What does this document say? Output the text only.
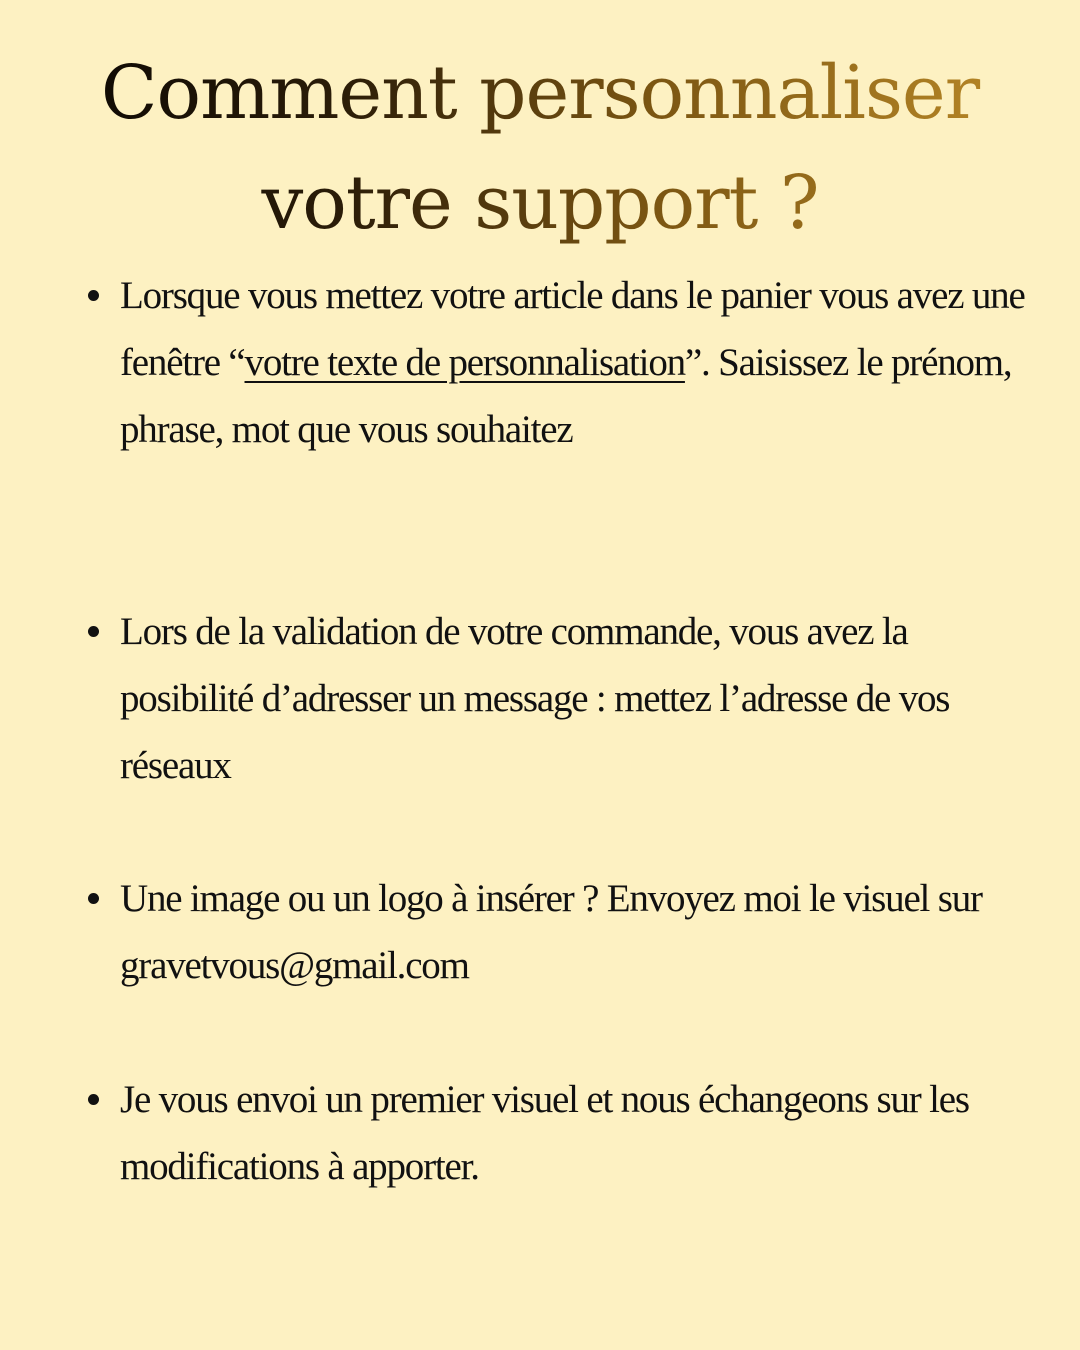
Comment personnaliser
votre support ?
Lorsque vous mettez votre article dans le panier vous avez une fenêtre “votre texte de personnalisation”. Saisissez le prénom, phrase, mot que vous souhaitez
Lors de la validation de votre commande, vous avez la posibilité d’adresser un message : mettez l’adresse de vos réseaux
Une image ou un logo à insérer ? Envoyez moi le visuel sur gravetvous@gmail.com
Je vous envoi un premier visuel et nous échangeons sur les modifications à apporter.
